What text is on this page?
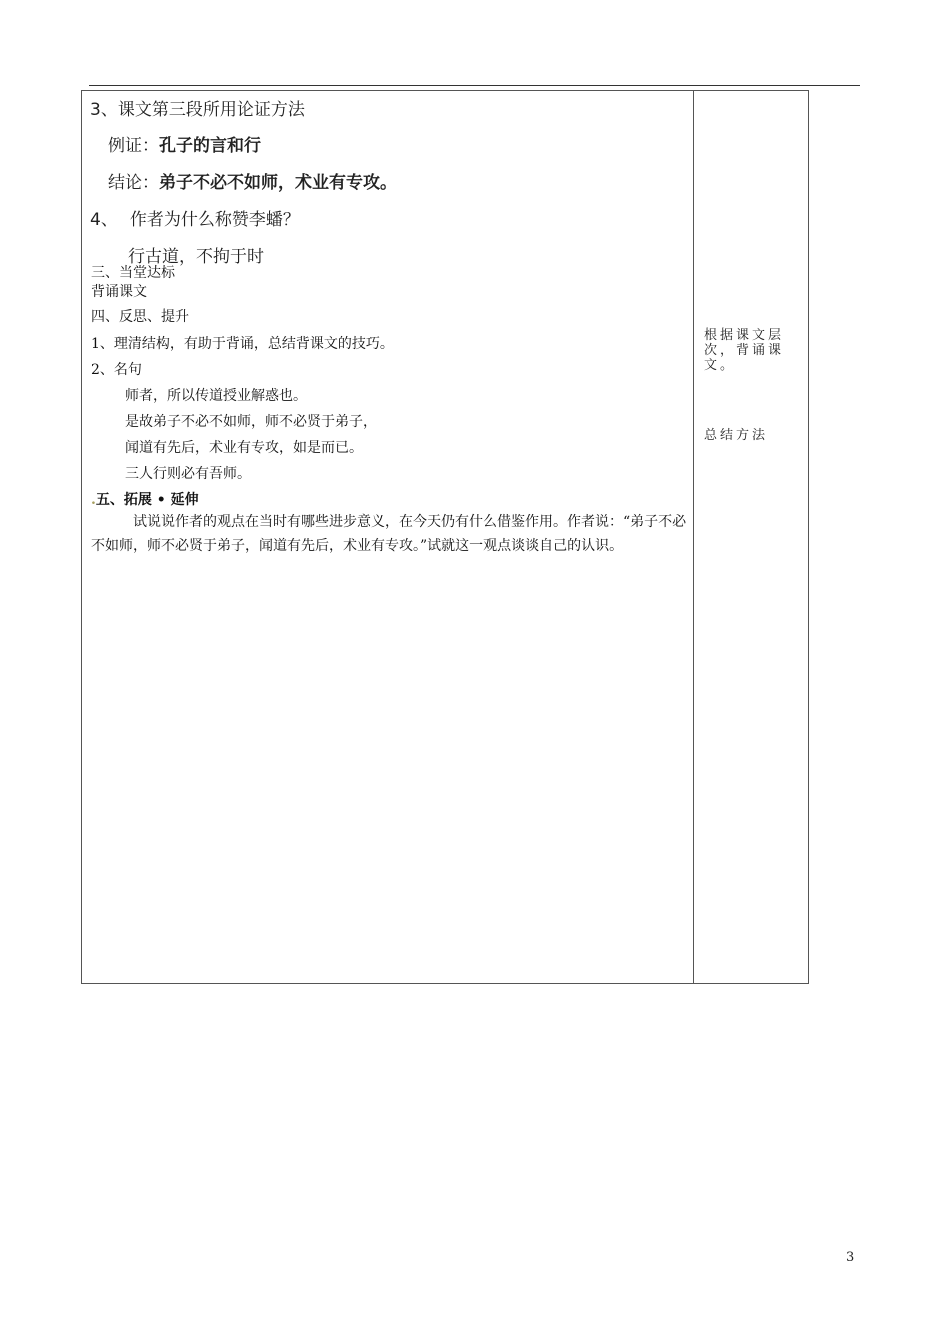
3、课文第三段所用论证方法
例证：孔子的言和行
结论：弟子不必不如师，术业有专攻。
4、 作者为什么称赞李蟠？
行古道，不拘于时
三、当堂达标
背诵课文
四、反思、提升
1、理清结构，有助于背诵，总结背课文的技巧。
2、名句
师者，所以传道授业解惑也。
是故弟子不必不如师，师不必贤于弟子，
闻道有先后，术业有专攻，如是而已。
三人行则必有吾师。
.五、拓展 • 延伸
试说说作者的观点在当时有哪些进步意义，在今天仍有什么借鉴作用。作者说：“弟子不必不如师，师不必贤于弟子，闻道有先后，术业有专攻。”试就这一观点谈谈自己的认识。
根据课文层次，背诵课文。
总结方法
3
